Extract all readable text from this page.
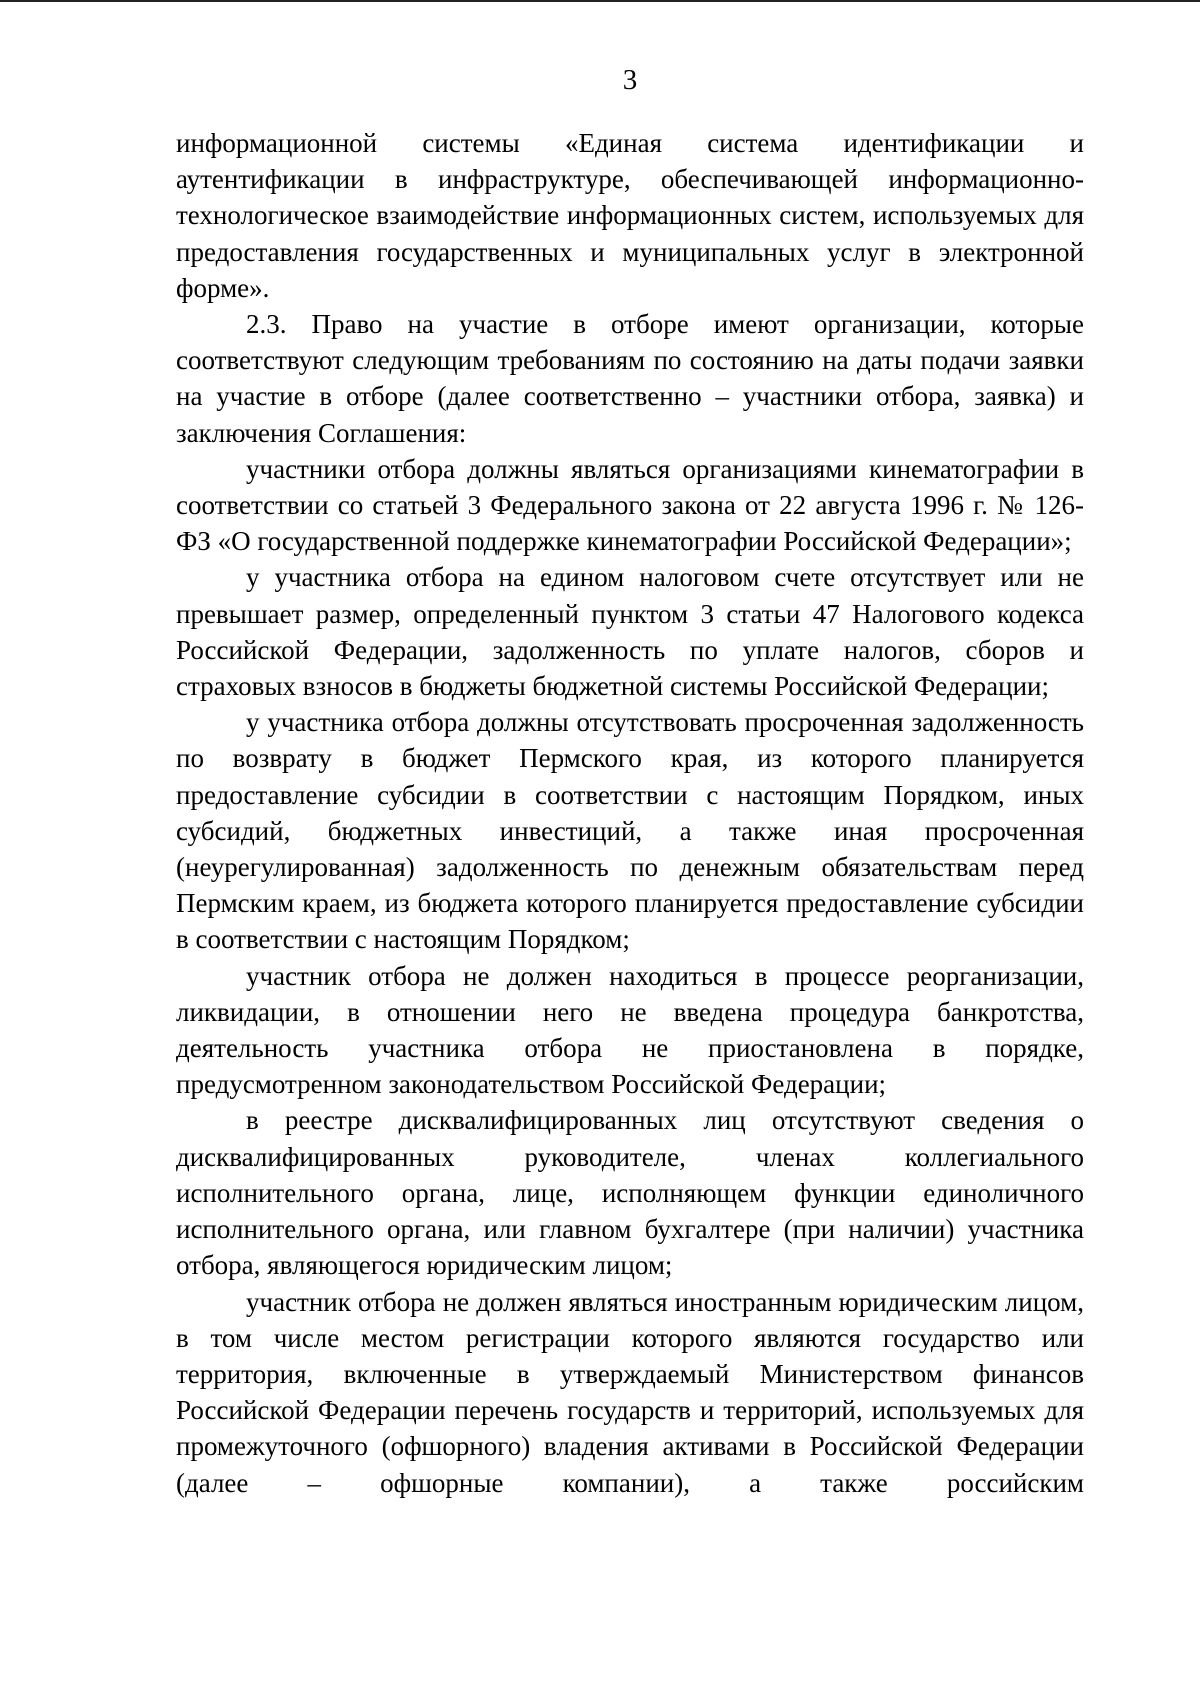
3

информационной системы «Единая система идентификации и аутентификации в инфраструктуре, обеспечивающей информационно-технологическое взаимодействие информационных систем, используемых для предоставления государственных и муниципальных услуг в электронной форме».

2.3. Право на участие в отборе имеют организации, которые соответствуют следующим требованиям по состоянию на даты подачи заявки на участие в отборе (далее соответственно – участники отбора, заявка) и заключения Соглашения:

участники отбора должны являться организациями кинематографии в соответствии со статьей 3 Федерального закона от 22 августа 1996 г. № 126-ФЗ «О государственной поддержке кинематографии Российской Федерации»;

у участника отбора на едином налоговом счете отсутствует или не превышает размер, определенный пунктом 3 статьи 47 Налогового кодекса Российской Федерации, задолженность по уплате налогов, сборов и страховых взносов в бюджеты бюджетной системы Российской Федерации;

у участника отбора должны отсутствовать просроченная задолженность по возврату в бюджет Пермского края, из которого планируется предоставление субсидии в соответствии с настоящим Порядком, иных субсидий, бюджетных инвестиций, а также иная просроченная (неурегулированная) задолженность по денежным обязательствам перед Пермским краем, из бюджета которого планируется предоставление субсидии в соответствии с настоящим Порядком;

участник отбора не должен находиться в процессе реорганизации, ликвидации, в отношении него не введена процедура банкротства, деятельность участника отбора не приостановлена в порядке, предусмотренном законодательством Российской Федерации;

в реестре дисквалифицированных лиц отсутствуют сведения о дисквалифицированных руководителе, членах коллегиального исполнительного органа, лице, исполняющем функции единоличного исполнительного органа, или главном бухгалтере (при наличии) участника отбора, являющегося юридическим лицом;

участник отбора не должен являться иностранным юридическим лицом, в том числе местом регистрации которого являются государство или территория, включенные в утверждаемый Министерством финансов Российской Федерации перечень государств и территорий, используемых для промежуточного (офшорного) владения активами в Российской Федерации (далее – офшорные компании), а также российским
